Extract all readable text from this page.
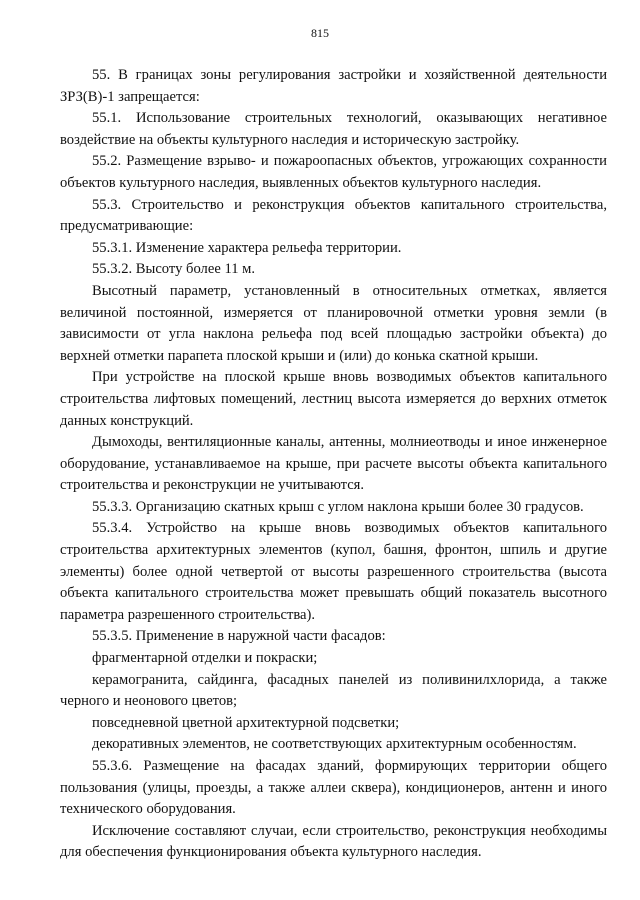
815

55. В границах зоны регулирования застройки и хозяйственной деятельности ЗРЗ(В)-1 запрещается:

55.1. Использование строительных технологий, оказывающих негативное воздействие на объекты культурного наследия и историческую застройку.

55.2. Размещение взрыво- и пожароопасных объектов, угрожающих сохранности объектов культурного наследия, выявленных объектов культурного наследия.

55.3. Строительство и реконструкция объектов капитального строительства, предусматривающие:

55.3.1. Изменение характера рельефа территории.

55.3.2. Высоту более 11 м.

Высотный параметр, установленный в относительных отметках, является величиной постоянной, измеряется от планировочной отметки уровня земли (в зависимости от угла наклона рельефа под всей площадью застройки объекта) до верхней отметки парапета плоской крыши и (или) до конька скатной крыши.

При устройстве на плоской крыше вновь возводимых объектов капитального строительства лифтовых помещений, лестниц высота измеряется до верхних отметок данных конструкций.

Дымоходы, вентиляционные каналы, антенны, молниеотводы и иное инженерное оборудование, устанавливаемое на крыше, при расчете высоты объекта капитального строительства и реконструкции не учитываются.

55.3.3. Организацию скатных крыш с углом наклона крыши более 30 градусов.

55.3.4. Устройство на крыше вновь возводимых объектов капитального строительства архитектурных элементов (купол, башня, фронтон, шпиль и другие элементы) более одной четвертой от высоты разрешенного строительства (высота объекта капитального строительства может превышать общий показатель высотного параметра разрешенного строительства).

55.3.5. Применение в наружной части фасадов:

фрагментарной отделки и покраски;

керамогранита, сайдинга, фасадных панелей из поливинилхлорида, а также черного и неонового цветов;

повседневной цветной архитектурной подсветки;

декоративных элементов, не соответствующих архитектурным особенностям.

55.3.6. Размещение на фасадах зданий, формирующих территории общего пользования (улицы, проезды, а также аллеи сквера), кондиционеров, антенн и иного технического оборудования.

Исключение составляют случаи, если строительство, реконструкция необходимы для обеспечения функционирования объекта культурного наследия.
